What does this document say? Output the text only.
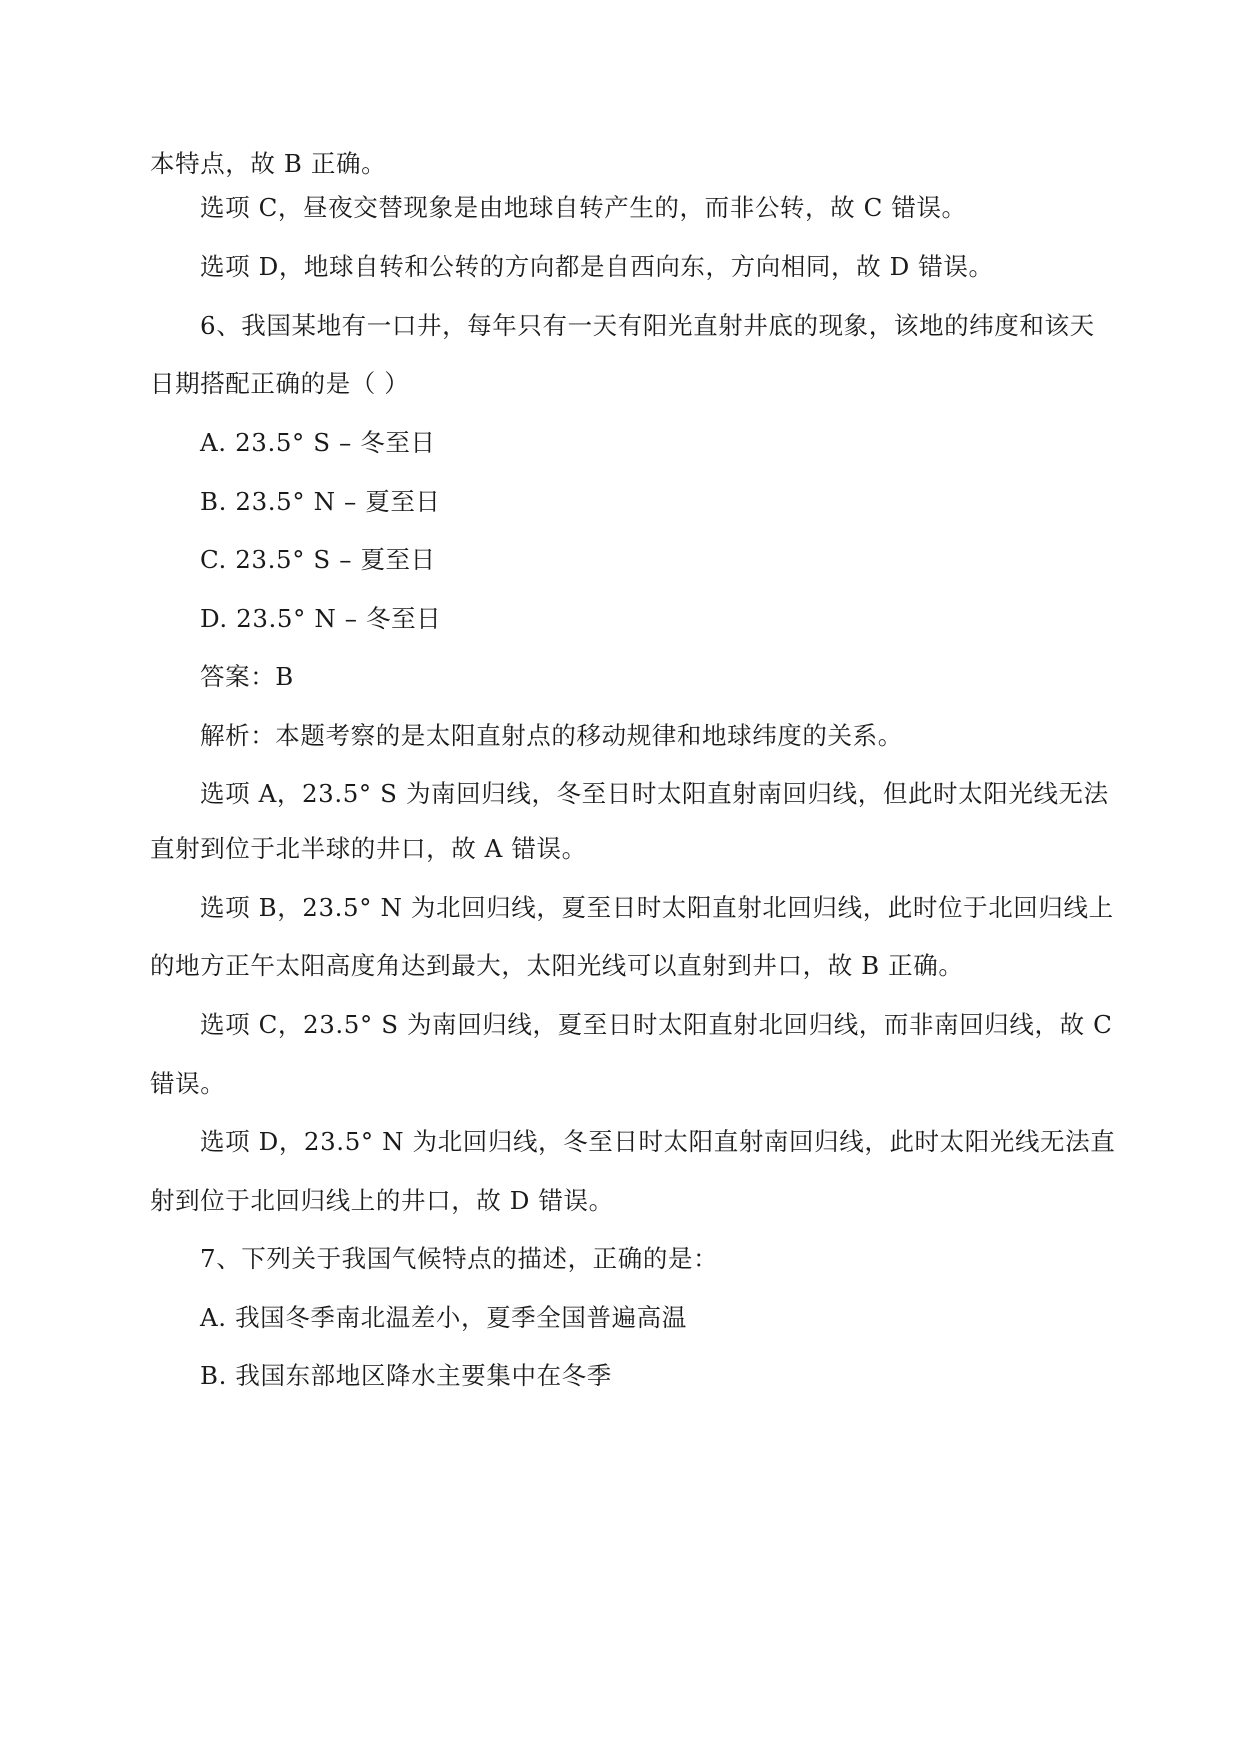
本特点，故 B 正确。
选项 C，昼夜交替现象是由地球自转产生的，而非公转，故 C 错误。
选项 D，地球自转和公转的方向都是自西向东，方向相同，故 D 错误。
6、我国某地有一口井，每年只有一天有阳光直射井底的现象，该地的纬度和该天
日期搭配正确的是（ ）
A. 23.5° S – 冬至日
B. 23.5° N – 夏至日
C. 23.5° S – 夏至日
D. 23.5° N – 冬至日
答案：B
解析：本题考察的是太阳直射点的移动规律和地球纬度的关系。
选项 A，23.5° S 为南回归线，冬至日时太阳直射南回归线，但此时太阳光线无法
直射到位于北半球的井口，故 A 错误。
选项 B，23.5° N 为北回归线，夏至日时太阳直射北回归线，此时位于北回归线上
的地方正午太阳高度角达到最大，太阳光线可以直射到井口，故 B 正确。
选项 C，23.5° S 为南回归线，夏至日时太阳直射北回归线，而非南回归线，故 C
错误。
选项 D，23.5° N 为北回归线，冬至日时太阳直射南回归线，此时太阳光线无法直
射到位于北回归线上的井口，故 D 错误。
7、下列关于我国气候特点的描述，正确的是：
A. 我国冬季南北温差小，夏季全国普遍高温
B. 我国东部地区降水主要集中在冬季
